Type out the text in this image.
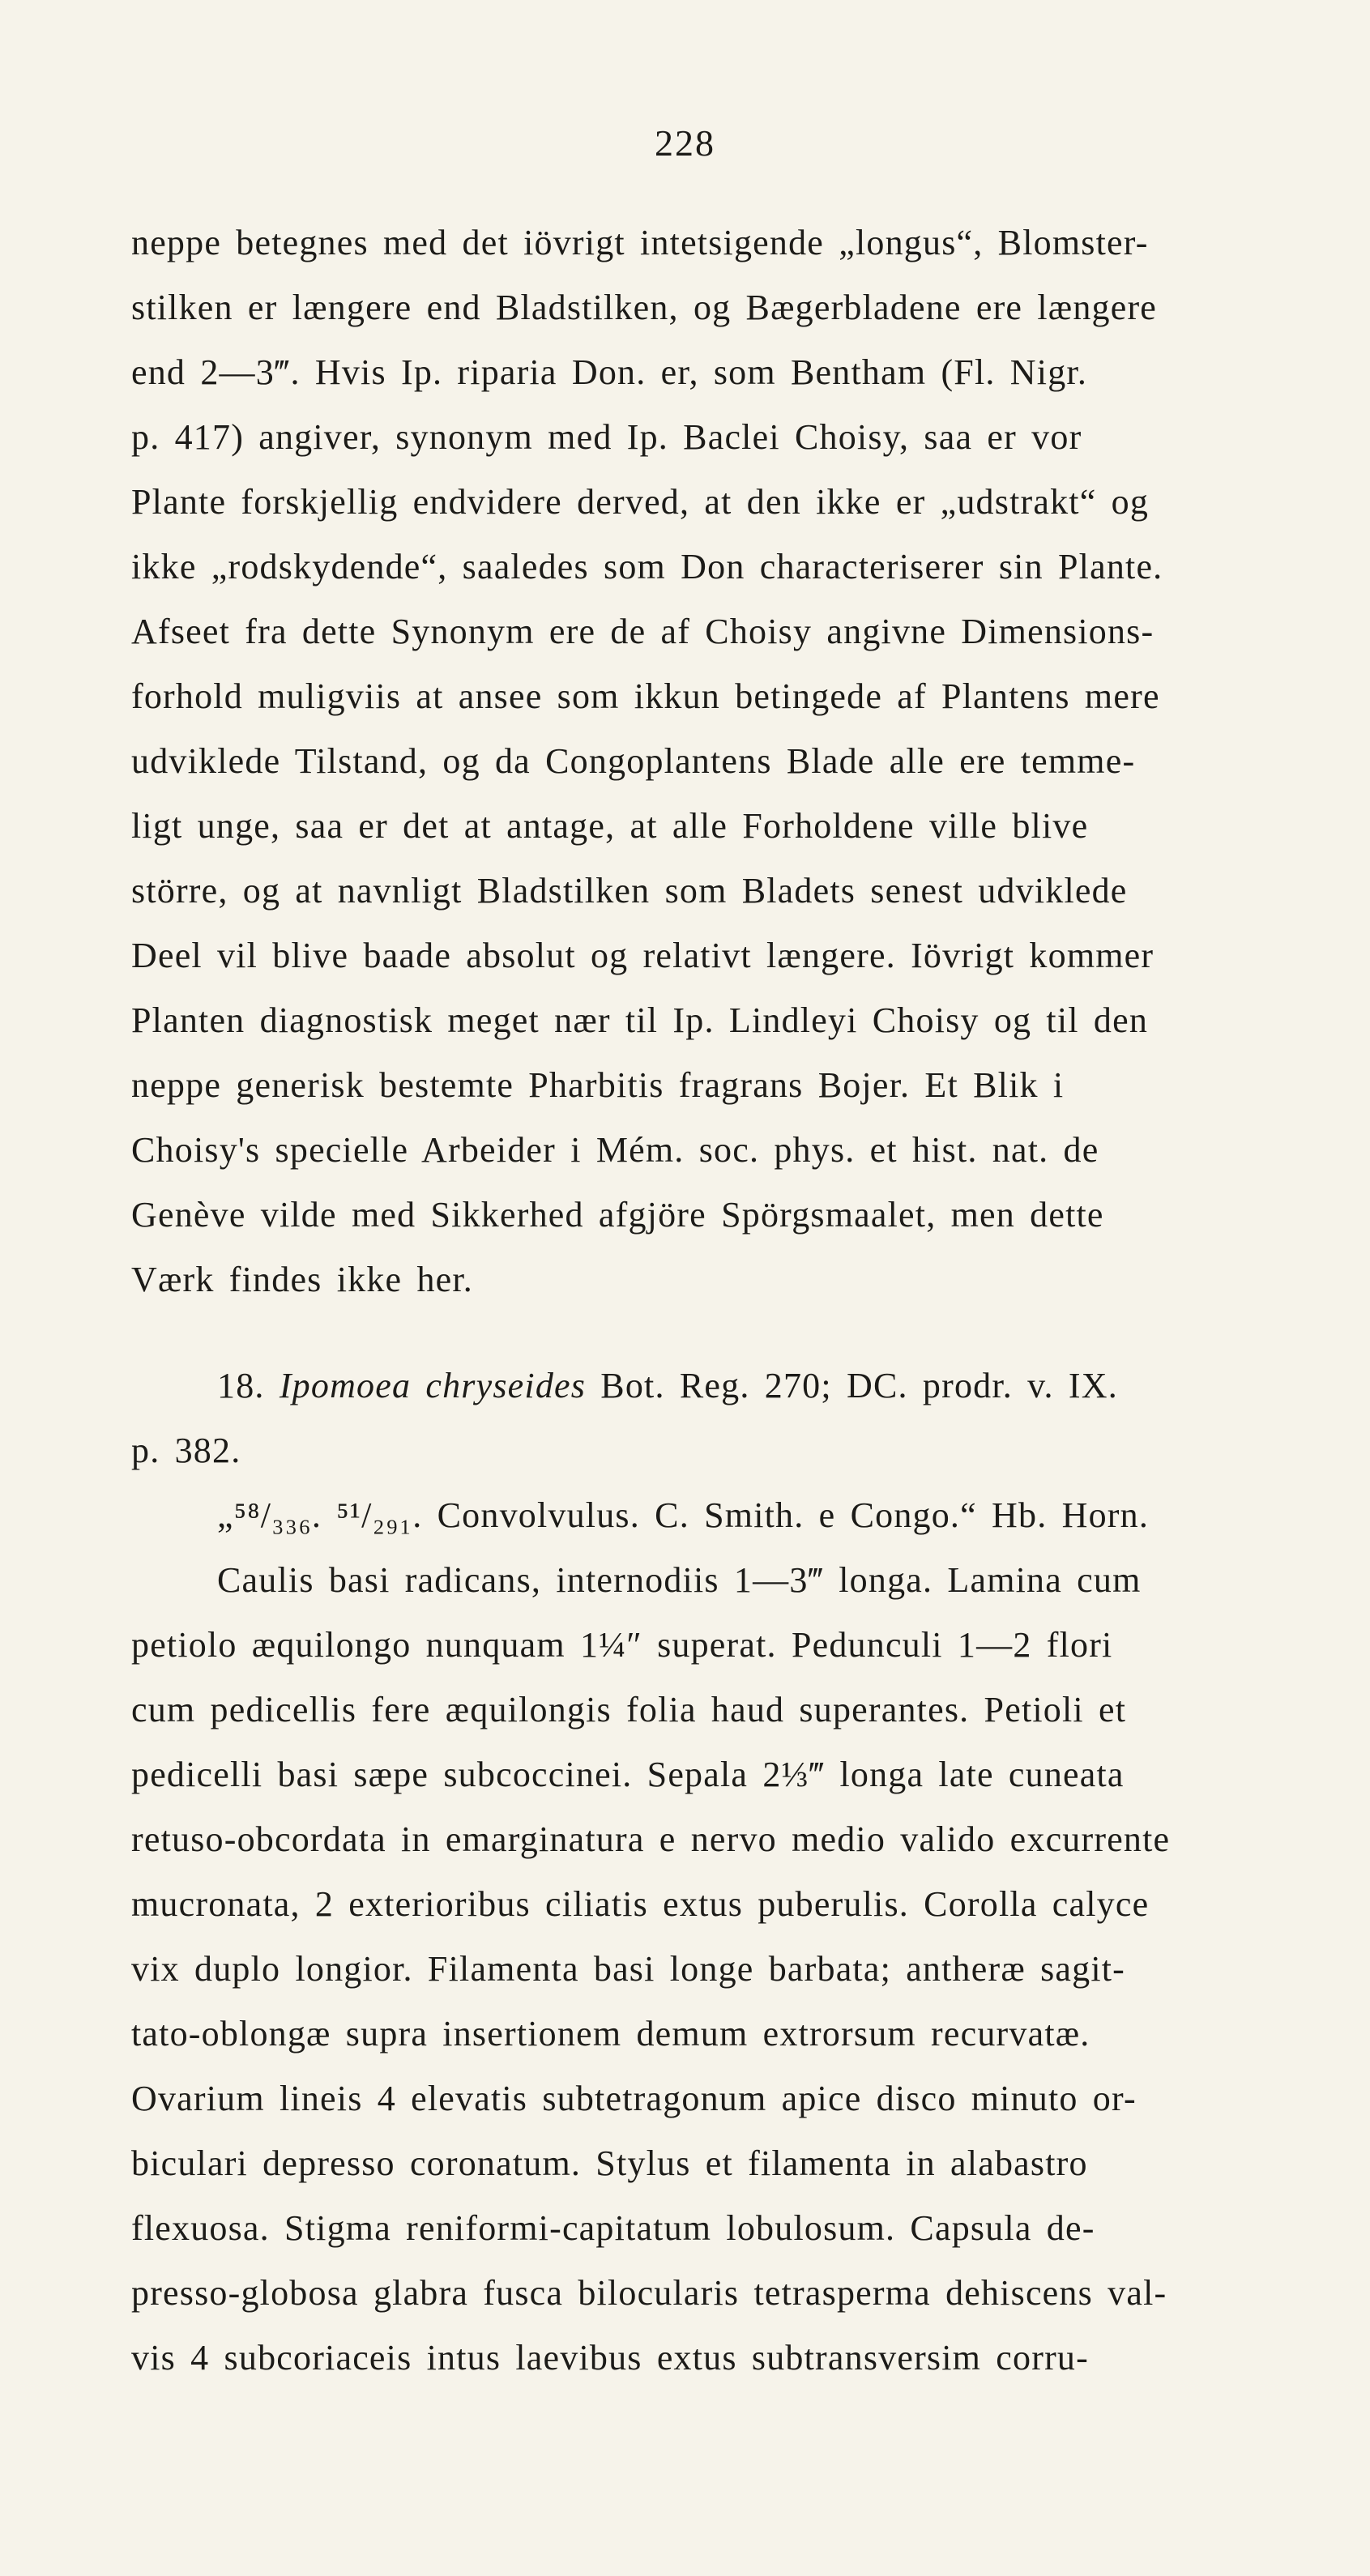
228
neppe betegnes med det iövrigt intetsigende „longus“, Blomster-
stilken er længere end Bladstilken, og Bægerbladene ere længere
end 2—3‴. Hvis Ip. riparia Don. er, som Bentham (Fl. Nigr.
p. 417) angiver, synonym med Ip. Baclei Choisy, saa er vor
Plante forskjellig endvidere derved, at den ikke er „udstrakt“ og
ikke „rodskydende“, saaledes som Don characteriserer sin Plante.
Afseet fra dette Synonym ere de af Choisy angivne Dimensions-
forhold muligviis at ansee som ikkun betingede af Plantens mere
udviklede Tilstand, og da Congoplantens Blade alle ere temme-
ligt unge, saa er det at antage, at alle Forholdene ville blive
större, og at navnligt Bladstilken som Bladets senest udviklede
Deel vil blive baade absolut og relativt længere. Iövrigt kommer
Planten diagnostisk meget nær til Ip. Lindleyi Choisy og til den
neppe generisk bestemte Pharbitis fragrans Bojer. Et Blik i
Choisy's specielle Arbeider i Mém. soc. phys. et hist. nat. de
Genève vilde med Sikkerhed afgjöre Spörgsmaalet, men dette
Værk findes ikke her.
18. Ipomoea chryseides Bot. Reg. 270; DC. prodr. v. IX.
p. 382.
„⁵⁸/₃₃₆. ⁵¹/₂₉₁. Convolvulus. C. Smith. e Congo.“ Hb. Horn.
Caulis basi radicans, internodiis 1—3‴ longa. Lamina cum
petiolo æquilongo nunquam 1¼″ superat. Pedunculi 1—2 flori
cum pedicellis fere æquilongis folia haud superantes. Petioli et
pedicelli basi sæpe subcoccinei. Sepala 2⅓‴ longa late cuneata
retuso-obcordata in emarginatura e nervo medio valido excurrente
mucronata, 2 exterioribus ciliatis extus puberulis. Corolla calyce
vix duplo longior. Filamenta basi longe barbata; antheræ sagit-
tato-oblongæ supra insertionem demum extrorsum recurvatæ.
Ovarium lineis 4 elevatis subtetragonum apice disco minuto or-
biculari depresso coronatum. Stylus et filamenta in alabastro
flexuosa. Stigma reniformi-capitatum lobulosum. Capsula de-
presso-globosa glabra fusca bilocularis tetrasperma dehiscens val-
vis 4 subcoriaceis intus laevibus extus subtransversim corru-
